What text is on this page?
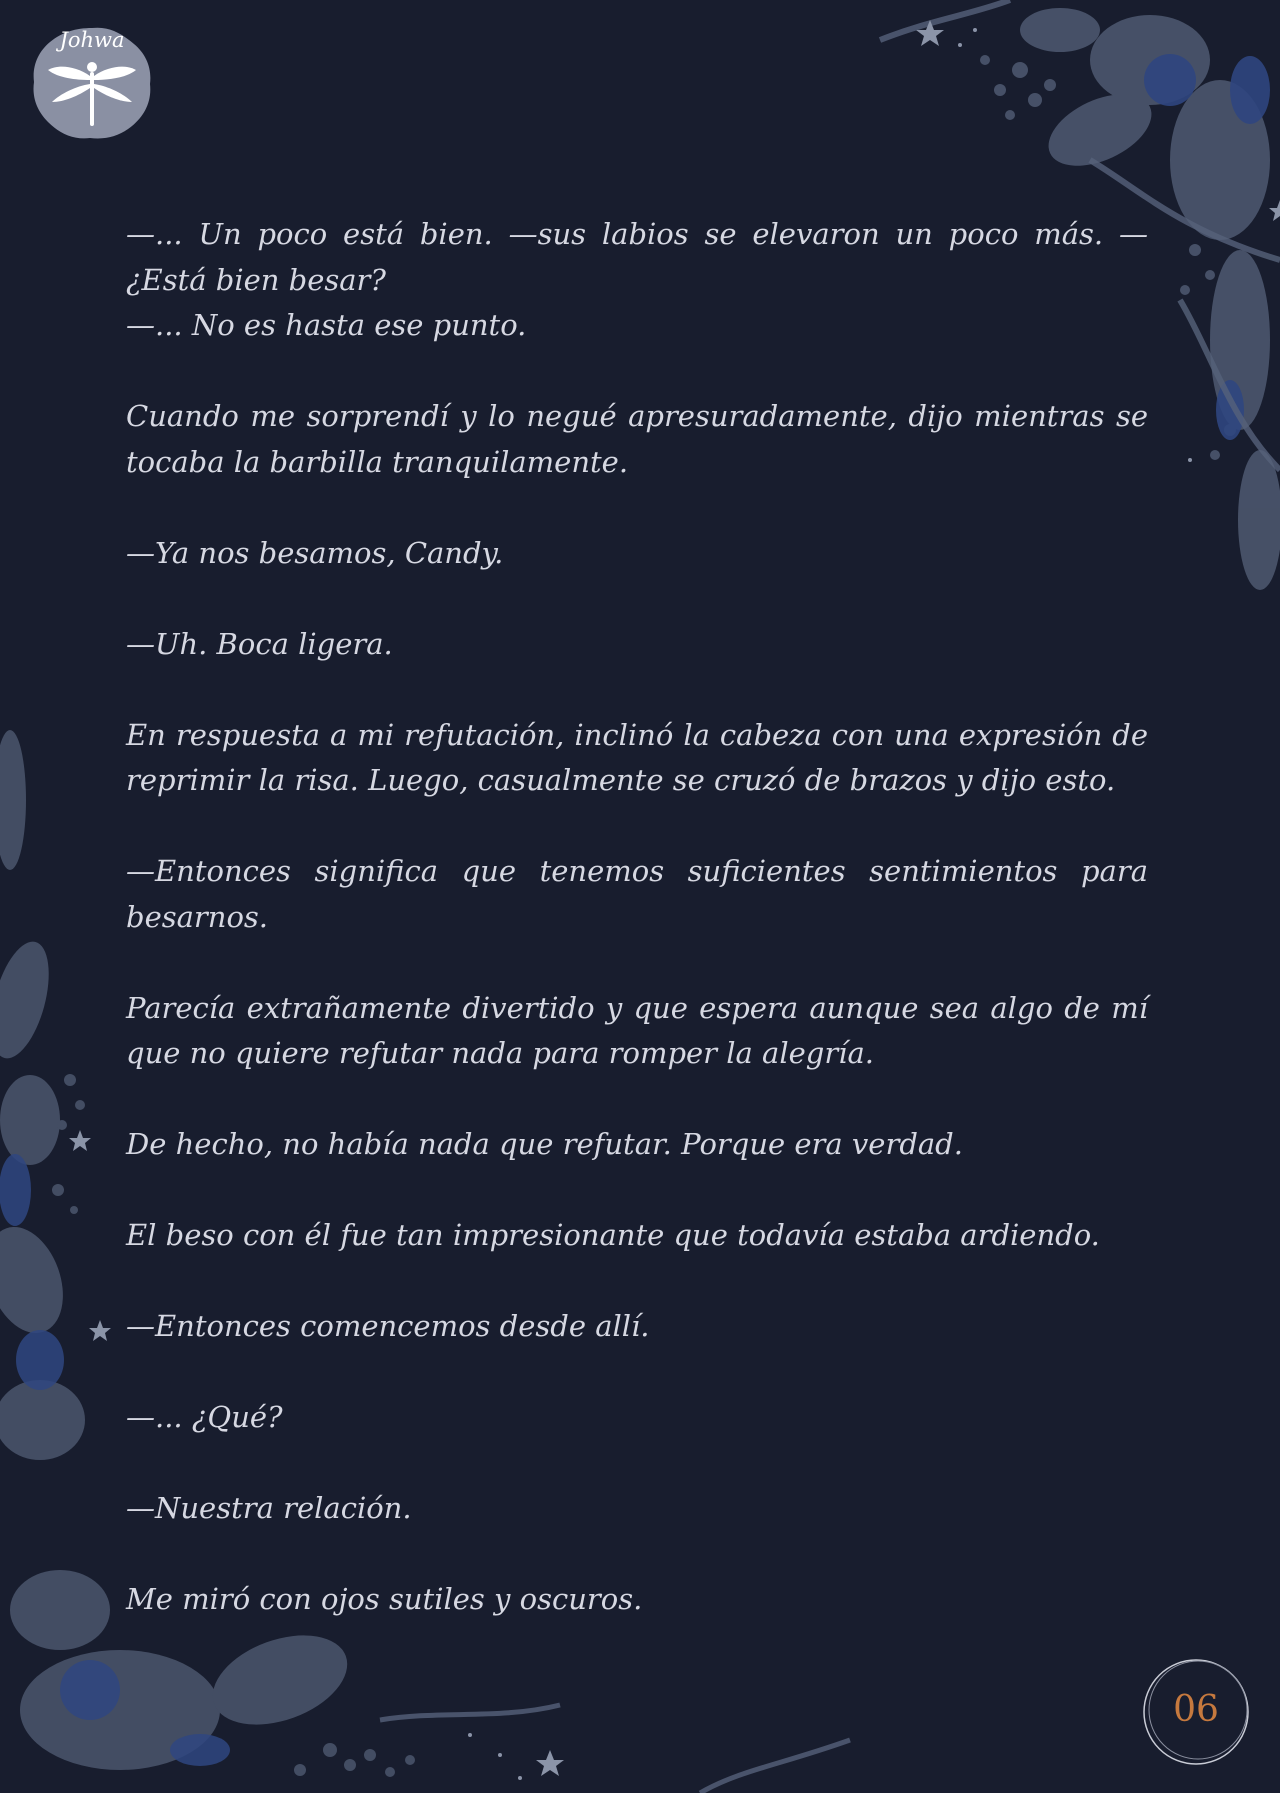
Johwa

—... Un poco está bien. —sus labios se elevaron un poco más. —¿Está bien besar?
—... No es hasta ese punto.

Cuando me sorprendí y lo negué apresuradamente, dijo mientras se tocaba la barbilla tranquilamente.

—Ya nos besamos, Candy.

—Uh. Boca ligera.

En respuesta a mi refutación, inclinó la cabeza con una expresión de reprimir la risa. Luego, casualmente se cruzó de brazos y dijo esto.

—Entonces significa que tenemos suficientes sentimientos para besarnos.

Parecía extrañamente divertido y que espera aunque sea algo de mí que no quiere refutar nada para romper la alegría.

De hecho, no había nada que refutar. Porque era verdad.

El beso con él fue tan impresionante que todavía estaba ardiendo.

—Entonces comencemos desde allí.

—... ¿Qué?

—Nuestra relación.

Me miró con ojos sutiles y oscuros.

06
